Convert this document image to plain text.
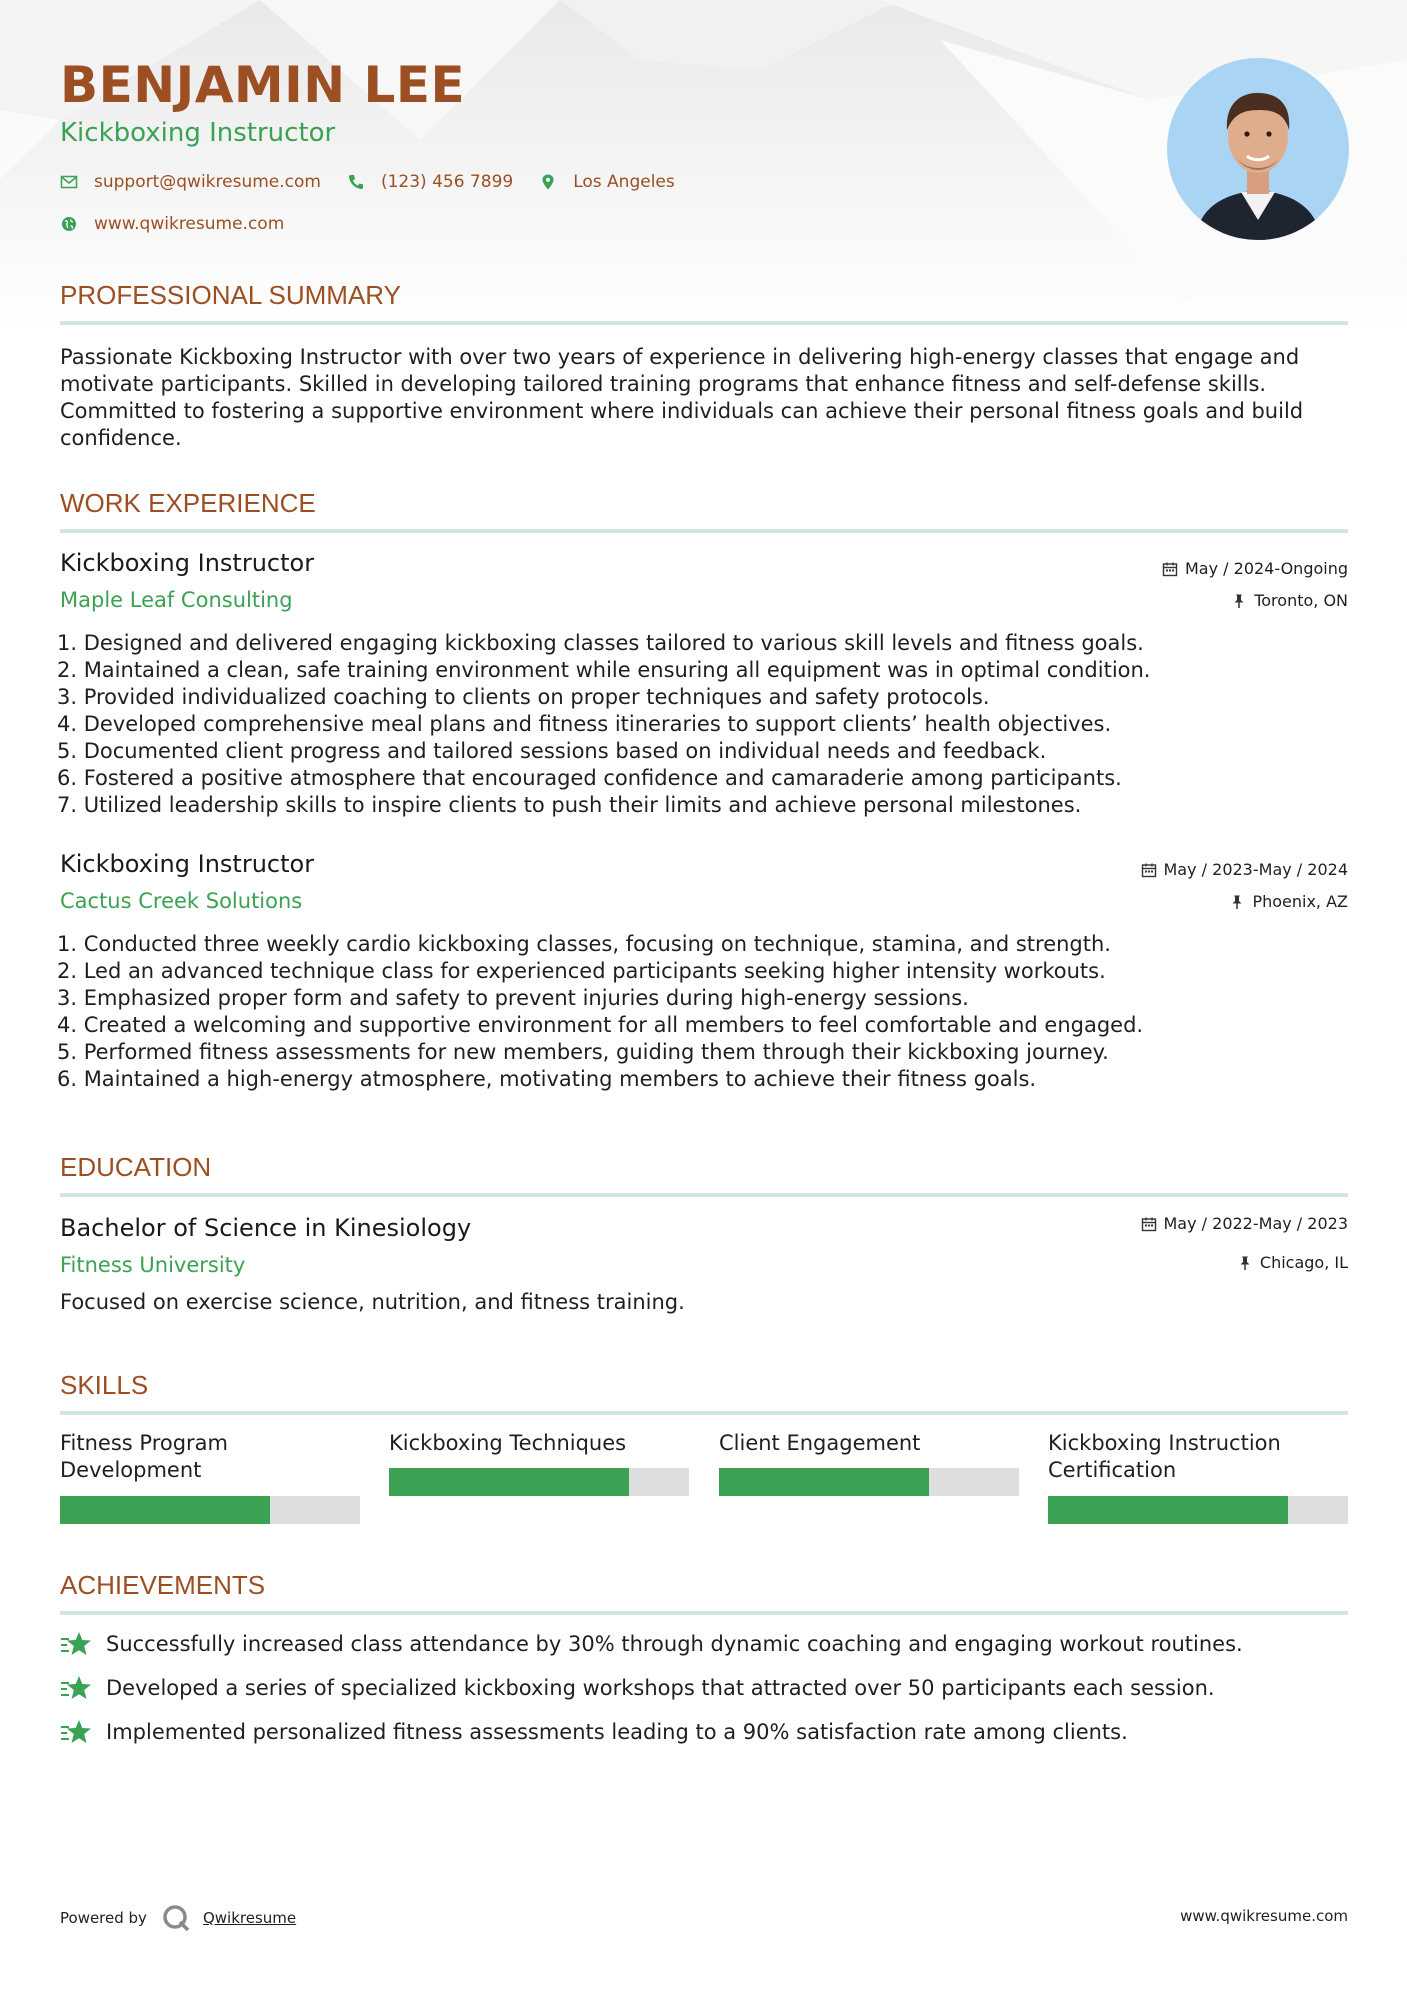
BENJAMIN LEE
Kickboxing Instructor
support@qwikresume.com	(123) 456 7899	Los Angeles
www.qwikresume.com
PROFESSIONAL SUMMARY
Passionate Kickboxing Instructor with over two years of experience in delivering high-energy classes that engage and motivate participants. Skilled in developing tailored training programs that enhance fitness and self-defense skills. Committed to fostering a supportive environment where individuals can achieve their personal fitness goals and build confidence.
WORK EXPERIENCE
Kickboxing Instructor
Maple Leaf Consulting
May / 2024-Ongoing
Toronto, ON
1.
Designed and delivered engaging kickboxing classes tailored to various skill levels and fitness goals.
2.
Maintained a clean, safe training environment while ensuring all equipment was in optimal condition.
3.
Provided individualized coaching to clients on proper techniques and safety protocols.
4.
Developed comprehensive meal plans and fitness itineraries to support clients’ health objectives.
5.
Documented client progress and tailored sessions based on individual needs and feedback.
6.
Fostered a positive atmosphere that encouraged confidence and camaraderie among participants.
7.
Utilized leadership skills to inspire clients to push their limits and achieve personal milestones.
Kickboxing Instructor
Cactus Creek Solutions
May / 2023-May / 2024
Phoenix, AZ
1.
Conducted three weekly cardio kickboxing classes, focusing on technique, stamina, and strength.
2.
Led an advanced technique class for experienced participants seeking higher intensity workouts.
3.
Emphasized proper form and safety to prevent injuries during high-energy sessions.
4.
Created a welcoming and supportive environment for all members to feel comfortable and engaged.
5.
Performed fitness assessments for new members, guiding them through their kickboxing journey.
6.
Maintained a high-energy atmosphere, motivating members to achieve their fitness goals.
EDUCATION
Bachelor of Science in Kinesiology
Fitness University
May / 2022-May / 2023
Chicago, IL
Focused on exercise science, nutrition, and fitness training.
SKILLS
Fitness Program Development
Kickboxing Techniques	Client Engagement	Kickboxing Instruction Certification
ACHIEVEMENTS
Successfully increased class attendance by 30% through dynamic coaching and engaging workout routines.
Developed a series of specialized kickboxing workshops that attracted over 50 participants each session.
Implemented personalized fitness assessments leading to a 90% satisfaction rate among clients.
Powered by	Qwikresume	www.qwikresume.com
